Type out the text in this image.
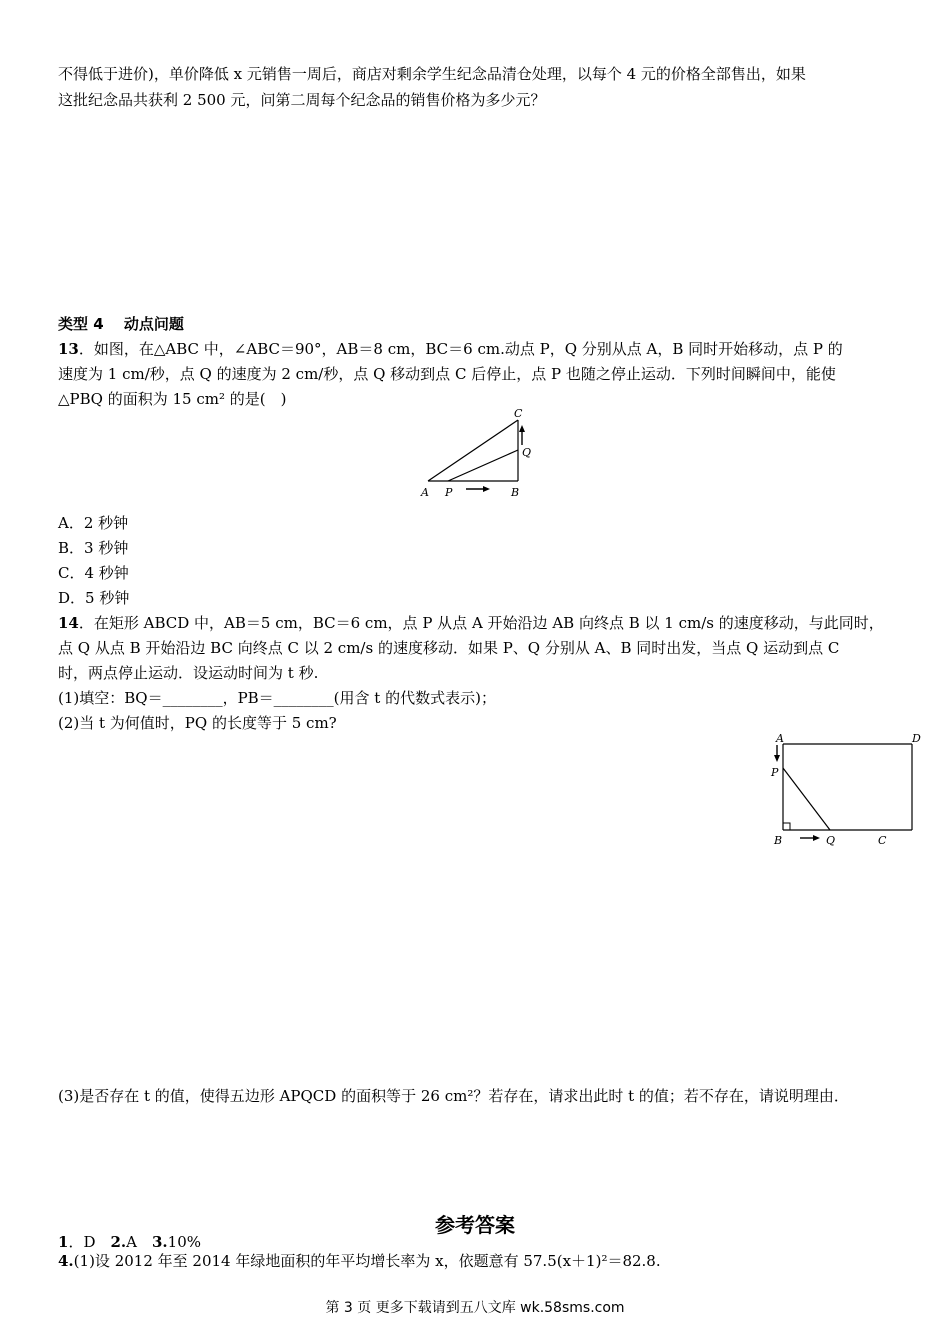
不得低于进价)，单价降低 x 元销售一周后，商店对剩余学生纪念品清仓处理，以每个 4 元的价格全部售出，如果
这批纪念品共获利 2 500 元，问第二周每个纪念品的销售价格为多少元？
类型 4　 动点问题
13．如图，在△ABC 中，∠ABC＝90°，AB＝8 cm，BC＝6 cm.动点 P，Q 分别从点 A，B 同时开始移动，点 P 的
速度为 1 cm/秒，点 Q 的速度为 2 cm/秒，点 Q 移动到点 C 后停止，点 P 也随之停止运动．下列时间瞬间中，能使
△PBQ 的面积为 15 cm² 的是(　)
C
Q
A P	B
A．2 秒钟
B．3 秒钟
C．4 秒钟
D．5 秒钟
14．在矩形 ABCD 中，AB＝5 cm，BC＝6 cm，点 P 从点 A 开始沿边 AB 向终点 B 以 1 cm/s 的速度移动，与此同时，
点 Q 从点 B 开始沿边 BC 向终点 C 以 2 cm/s 的速度移动．如果 P、Q 分别从 A、B 同时出发，当点 Q 运动到点 C
时，两点停止运动．设运动时间为 t 秒.
(1)填空：BQ＝________，PB＝________(用含 t 的代数式表示)；
(2)当 t 为何值时，PQ 的长度等于 5 cm?
A	D
P
B	Q	C
(3)是否存在 t 的值，使得五边形 APQCD 的面积等于 26 cm²？若存在，请求出此时 t 的值；若不存在，请说明理由．
参考答案
1．D　2.A　3.10%
4.(1)设 2012 年至 2014 年绿地面积的年平均增长率为 x，依题意有 57.5(x＋1)²＝82.8.
第 3 页 更多下载请到五八文库 wk.58sms.com
